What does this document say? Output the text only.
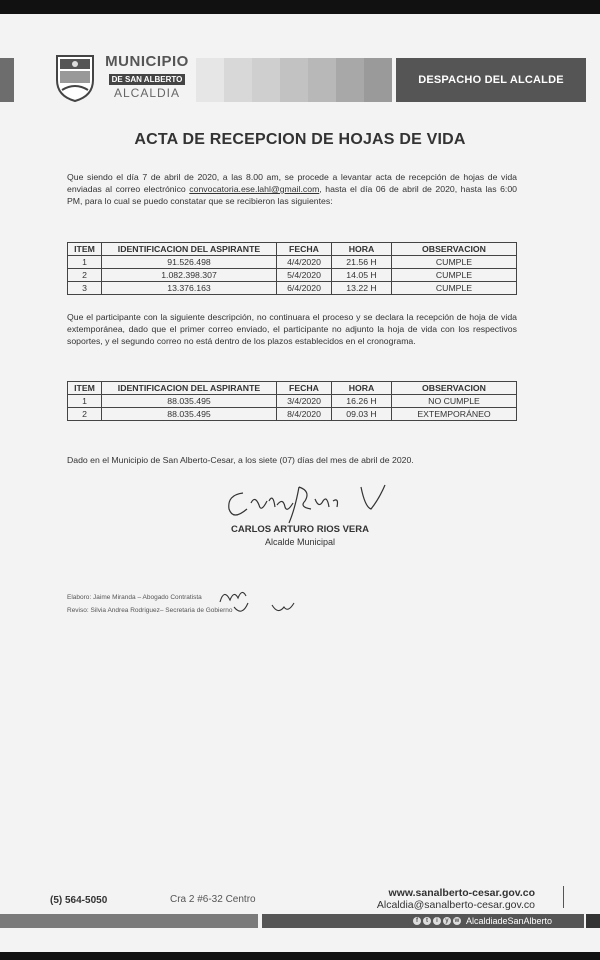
MUNICIPIO
DE SAN ALBERTO
ALCALDIA
DESPACHO DEL ALCALDE
ACTA DE RECEPCION DE HOJAS DE VIDA
Que siendo el día 7 de abril de 2020, a las 8.00 am, se procede a levantar acta de recepción de hojas de vida enviadas al correo electrónico convocatoria.ese.lahl@gmail.com, hasta el día 06 de abril de 2020, hasta las 6:00 PM, para lo cual se puedo constatar que se recibieron las siguientes:
ITEM	IDENTIFICACION DEL ASPIRANTE	FECHA	HORA	OBSERVACION
1	91.526.498	4/4/2020	21.56 H	CUMPLE
2	1.082.398.307	5/4/2020	14.05 H	CUMPLE
3	13.376.163	6/4/2020	13.22 H	CUMPLE
Que el participante con la siguiente descripción, no continuara el proceso y se declara la recepción de hoja de vida extemporánea, dado que el primer correo enviado, el participante no adjunto la hoja de vida con los respectivos soportes, y el segundo correo no está dentro de los plazos establecidos en el cronograma.
ITEM	IDENTIFICACION DEL ASPIRANTE	FECHA	HORA	OBSERVACION
1	88.035.495	3/4/2020	16.26 H	NO CUMPLE
2	88.035.495	8/4/2020	09.03 H	EXTEMPORÁNEO
Dado en el Municipio de San Alberto-Cesar, a los siete (07) días del mes de abril de 2020.
CARLOS ARTURO RIOS VERA
Alcalde Municipal
Elaboro: Jaime Miranda – Abogado Contratista
Reviso: Silvia Andrea Rodriguez– Secretaria de Gobierno
(5) 564-5050	Cra 2 #6-32 Centro
www.sanalberto-cesar.gov.co
Alcaldia@sanalberto-cesar.gov.co
f	t	i	y w AlcaldiadeSanAlberto
